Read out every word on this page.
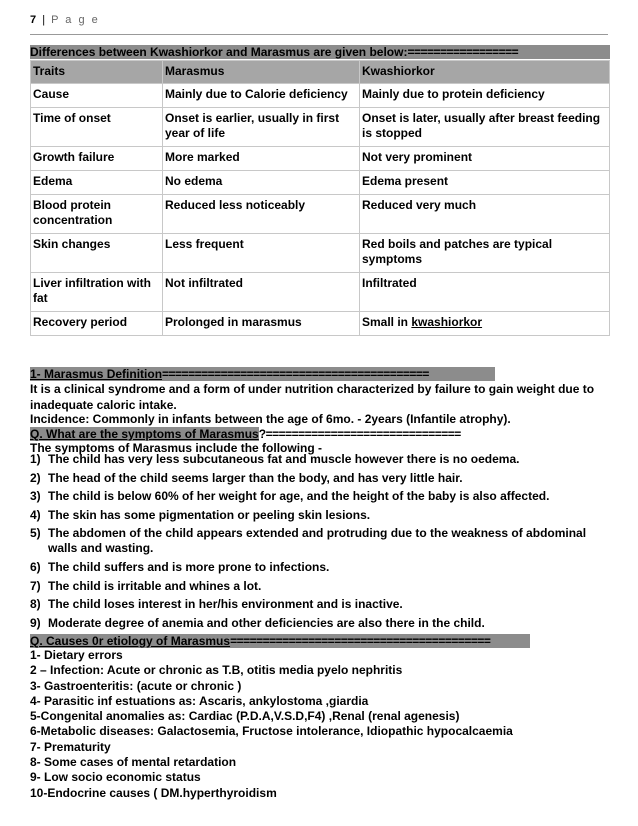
7 | P a g e
Differences between Kwashiorkor and Marasmus are given below:=================
Traits	Marasmus	Kwashiorkor
Cause	Mainly due to Calorie deficiency	Mainly due to protein deficiency
Time of onset	Onset is earlier, usually in first year of life	Onset is later, usually after breast feeding is stopped
Growth failure	More marked	Not very prominent
Edema	No edema	Edema present
Blood protein concentration	Reduced less noticeably	Reduced very much
Skin changes	Less frequent	Red boils and patches are typical symptoms
Liver infiltration with fat	Not infiltrated	Infiltrated
Recovery period	Prolonged in marasmus	Small in kwashiorkor
1- Marasmus Definition=========================================
It is a clinical syndrome and a form of under nutrition characterized by failure to gain weight due to inadequate caloric intake.
Incidence: Commonly in infants between the age of 6mo. - 2years (Infantile atrophy).
Q. What are the symptoms of Marasmus?==============================
The symptoms of Marasmus include the following -
1) The child has very less subcutaneous fat and muscle however there is no oedema.
2) The head of the child seems larger than the body, and has very little hair.
3) The child is below 60% of her weight for age, and the height of the baby is also affected.
4) The skin has some pigmentation or peeling skin lesions.
5) The abdomen of the child appears extended and protruding due to the weakness of abdominal walls and wasting.
6) The child suffers and is more prone to infections.
7) The child is irritable and whines a lot.
8) The child loses interest in her/his environment and is inactive.
9) Moderate degree of anemia and other deficiencies are also there in the child.
Q. Causes 0r etiology of Marasmus========================================
1- Dietary errors
2 – Infection: Acute or chronic as T.B, otitis media pyelo nephritis
3- Gastroenteritis: (acute or chronic )
4- Parasitic inf estuations as: Ascaris, ankylostoma ,giardia
5-Congenital anomalies as: Cardiac (P.D.A,V.S.D,F4) ,Renal (renal agenesis)
6-Metabolic diseases: Galactosemia, Fructose intolerance, Idiopathic hypocalcaemia
7- Prematurity
8- Some cases of mental retardation
9- Low socio economic status
10-Endocrine causes ( DM.hyperthyroidism
